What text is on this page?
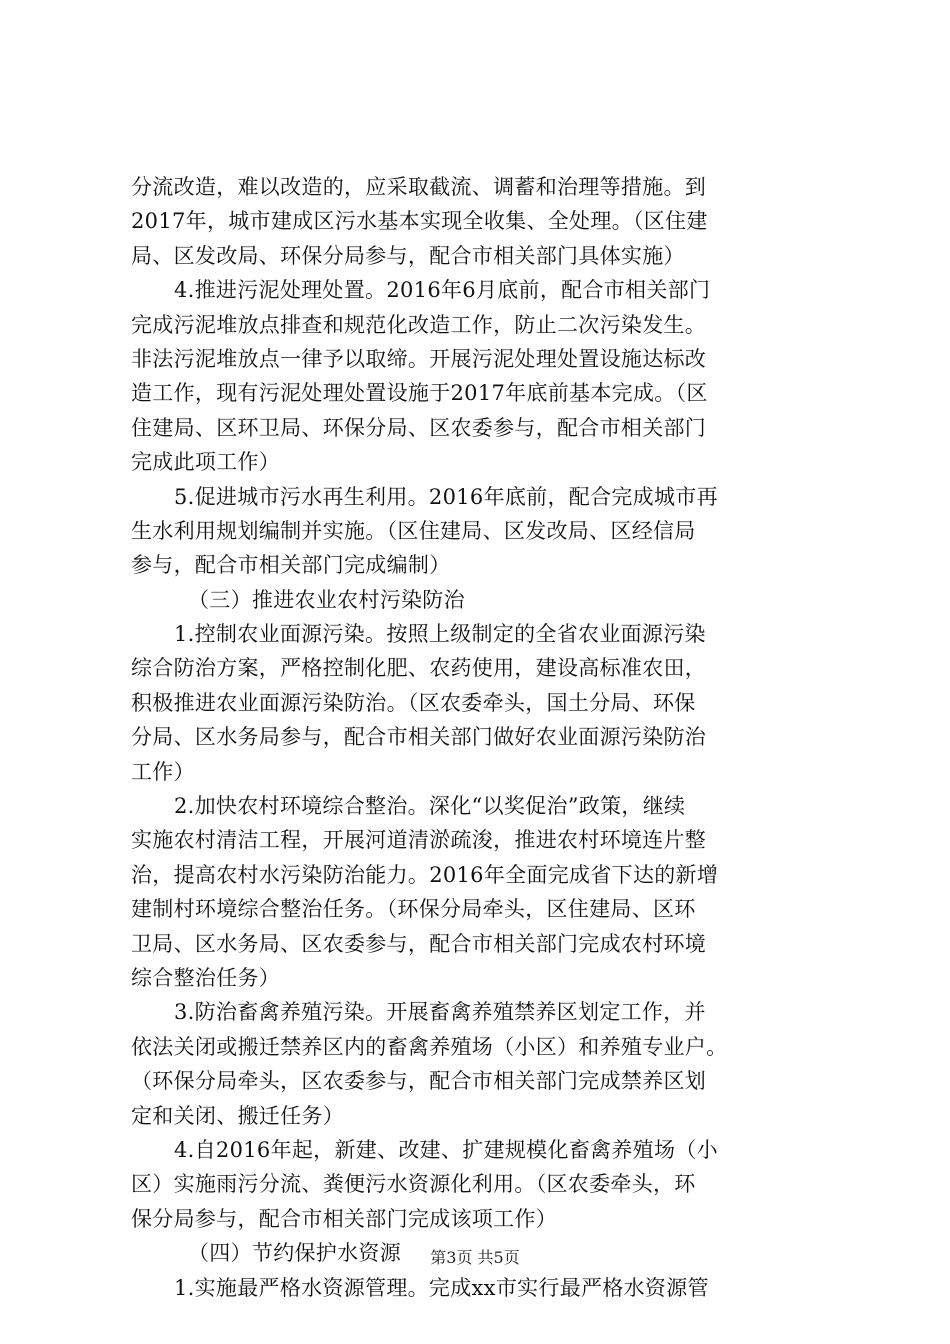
分流改造，难以改造的，应采取截流、调蓄和治理等措施。到
2017年，城市建成区污水基本实现全收集、全处理。（区住建
局、区发改局、环保分局参与，配合市相关部门具体实施）
4.推进污泥处理处置。2016年6月底前，配合市相关部门
完成污泥堆放点排查和规范化改造工作，防止二次污染发生。
非法污泥堆放点一律予以取缔。开展污泥处理处置设施达标改
造工作，现有污泥处理处置设施于2017年底前基本完成。（区
住建局、区环卫局、环保分局、区农委参与，配合市相关部门
完成此项工作）
5.促进城市污水再生利用。2016年底前，配合完成城市再
生水利用规划编制并实施。（区住建局、区发改局、区经信局
参与，配合市相关部门完成编制）
（三）推进农业农村污染防治
1.控制农业面源污染。按照上级制定的全省农业面源污染
综合防治方案，严格控制化肥、农药使用，建设高标准农田，
积极推进农业面源污染防治。（区农委牵头，国土分局、环保
分局、区水务局参与，配合市相关部门做好农业面源污染防治
工作）
2.加快农村环境综合整治。深化“以奖促治”政策，继续
实施农村清洁工程，开展河道清淤疏浚，推进农村环境连片整
治，提高农村水污染防治能力。2016年全面完成省下达的新增
建制村环境综合整治任务。（环保分局牵头，区住建局、区环
卫局、区水务局、区农委参与，配合市相关部门完成农村环境
综合整治任务）
3.防治畜禽养殖污染。开展畜禽养殖禁养区划定工作，并
依法关闭或搬迁禁养区内的畜禽养殖场（小区）和养殖专业户。
（环保分局牵头，区农委参与，配合市相关部门完成禁养区划
定和关闭、搬迁任务）
4.自2016年起，新建、改建、扩建规模化畜禽养殖场（小
区）实施雨污分流、粪便污水资源化利用。（区农委牵头，环
保分局参与，配合市相关部门完成该项工作）
（四）节约保护水资源
1.实施最严格水资源管理。完成xx市实行最严格水资源管
第3页 共5页
